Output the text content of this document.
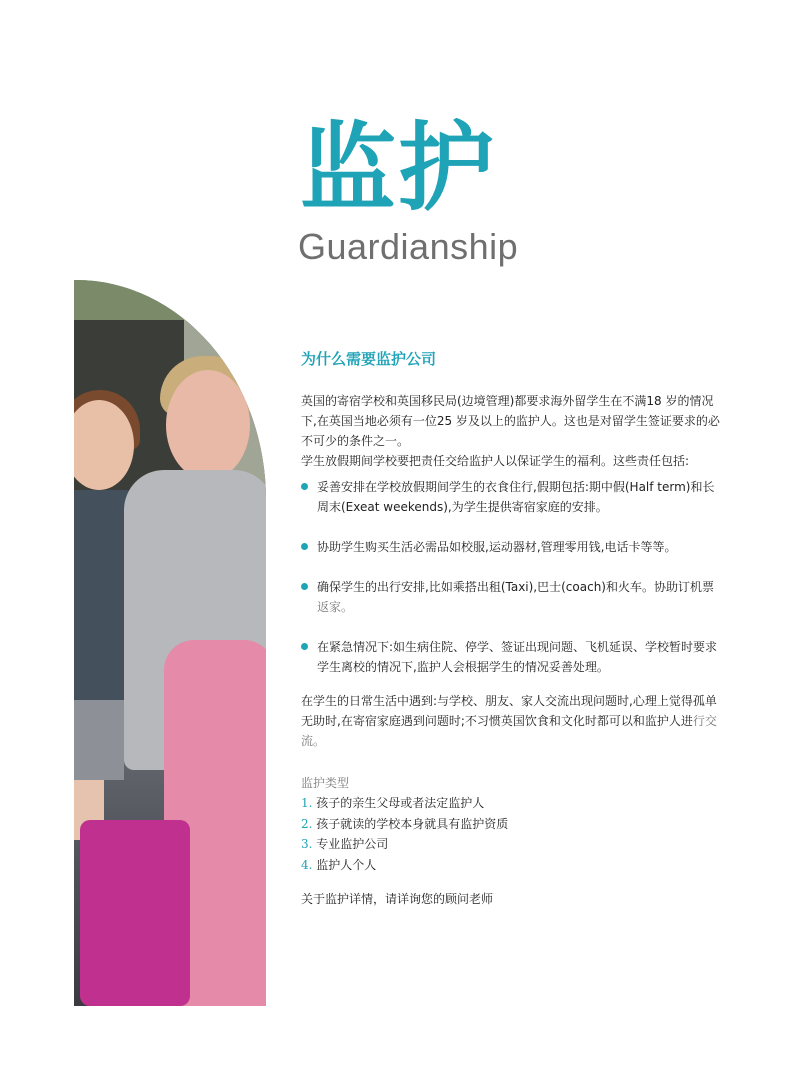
监护
Guardianship
为什么需要监护公司

英国的寄宿学校和英国移民局(边境管理)都要求海外留学生在不满18 岁的情况下,在英国当地必须有一位25 岁及以上的监护人。这也是对留学生签证要求的必不可少的条件之一。

学生放假期间学校要把责任交给监护人以保证学生的福利。这些责任包括:

妥善安排在学校放假期间学生的衣食住行,假期包括:期中假(Half term)和长周末(Exeat weekends),为学生提供寄宿家庭的安排。
协助学生购买生活必需品如校服,运动器材,管理零用钱,电话卡等等。
确保学生的出行安排,比如乘搭出租(Taxi),巴士(coach)和火车。协助订机票返家。
在紧急情况下:如生病住院、停学、签证出现问题、飞机延误、学校暂时要求学生离校的情况下,监护人会根据学生的情况妥善处理。

在学生的日常生活中遇到:与学校、朋友、家人交流出现问题时,心理上觉得孤单无助时,在寄宿家庭遇到问题时;不习惯英国饮食和文化时都可以和监护人进行交流。

监护类型
1. 孩子的亲生父母或者法定监护人
2. 孩子就读的学校本身就具有监护资质
3. 专业监护公司
4. 监护人个人
关于监护详情，请详询您的顾问老师
